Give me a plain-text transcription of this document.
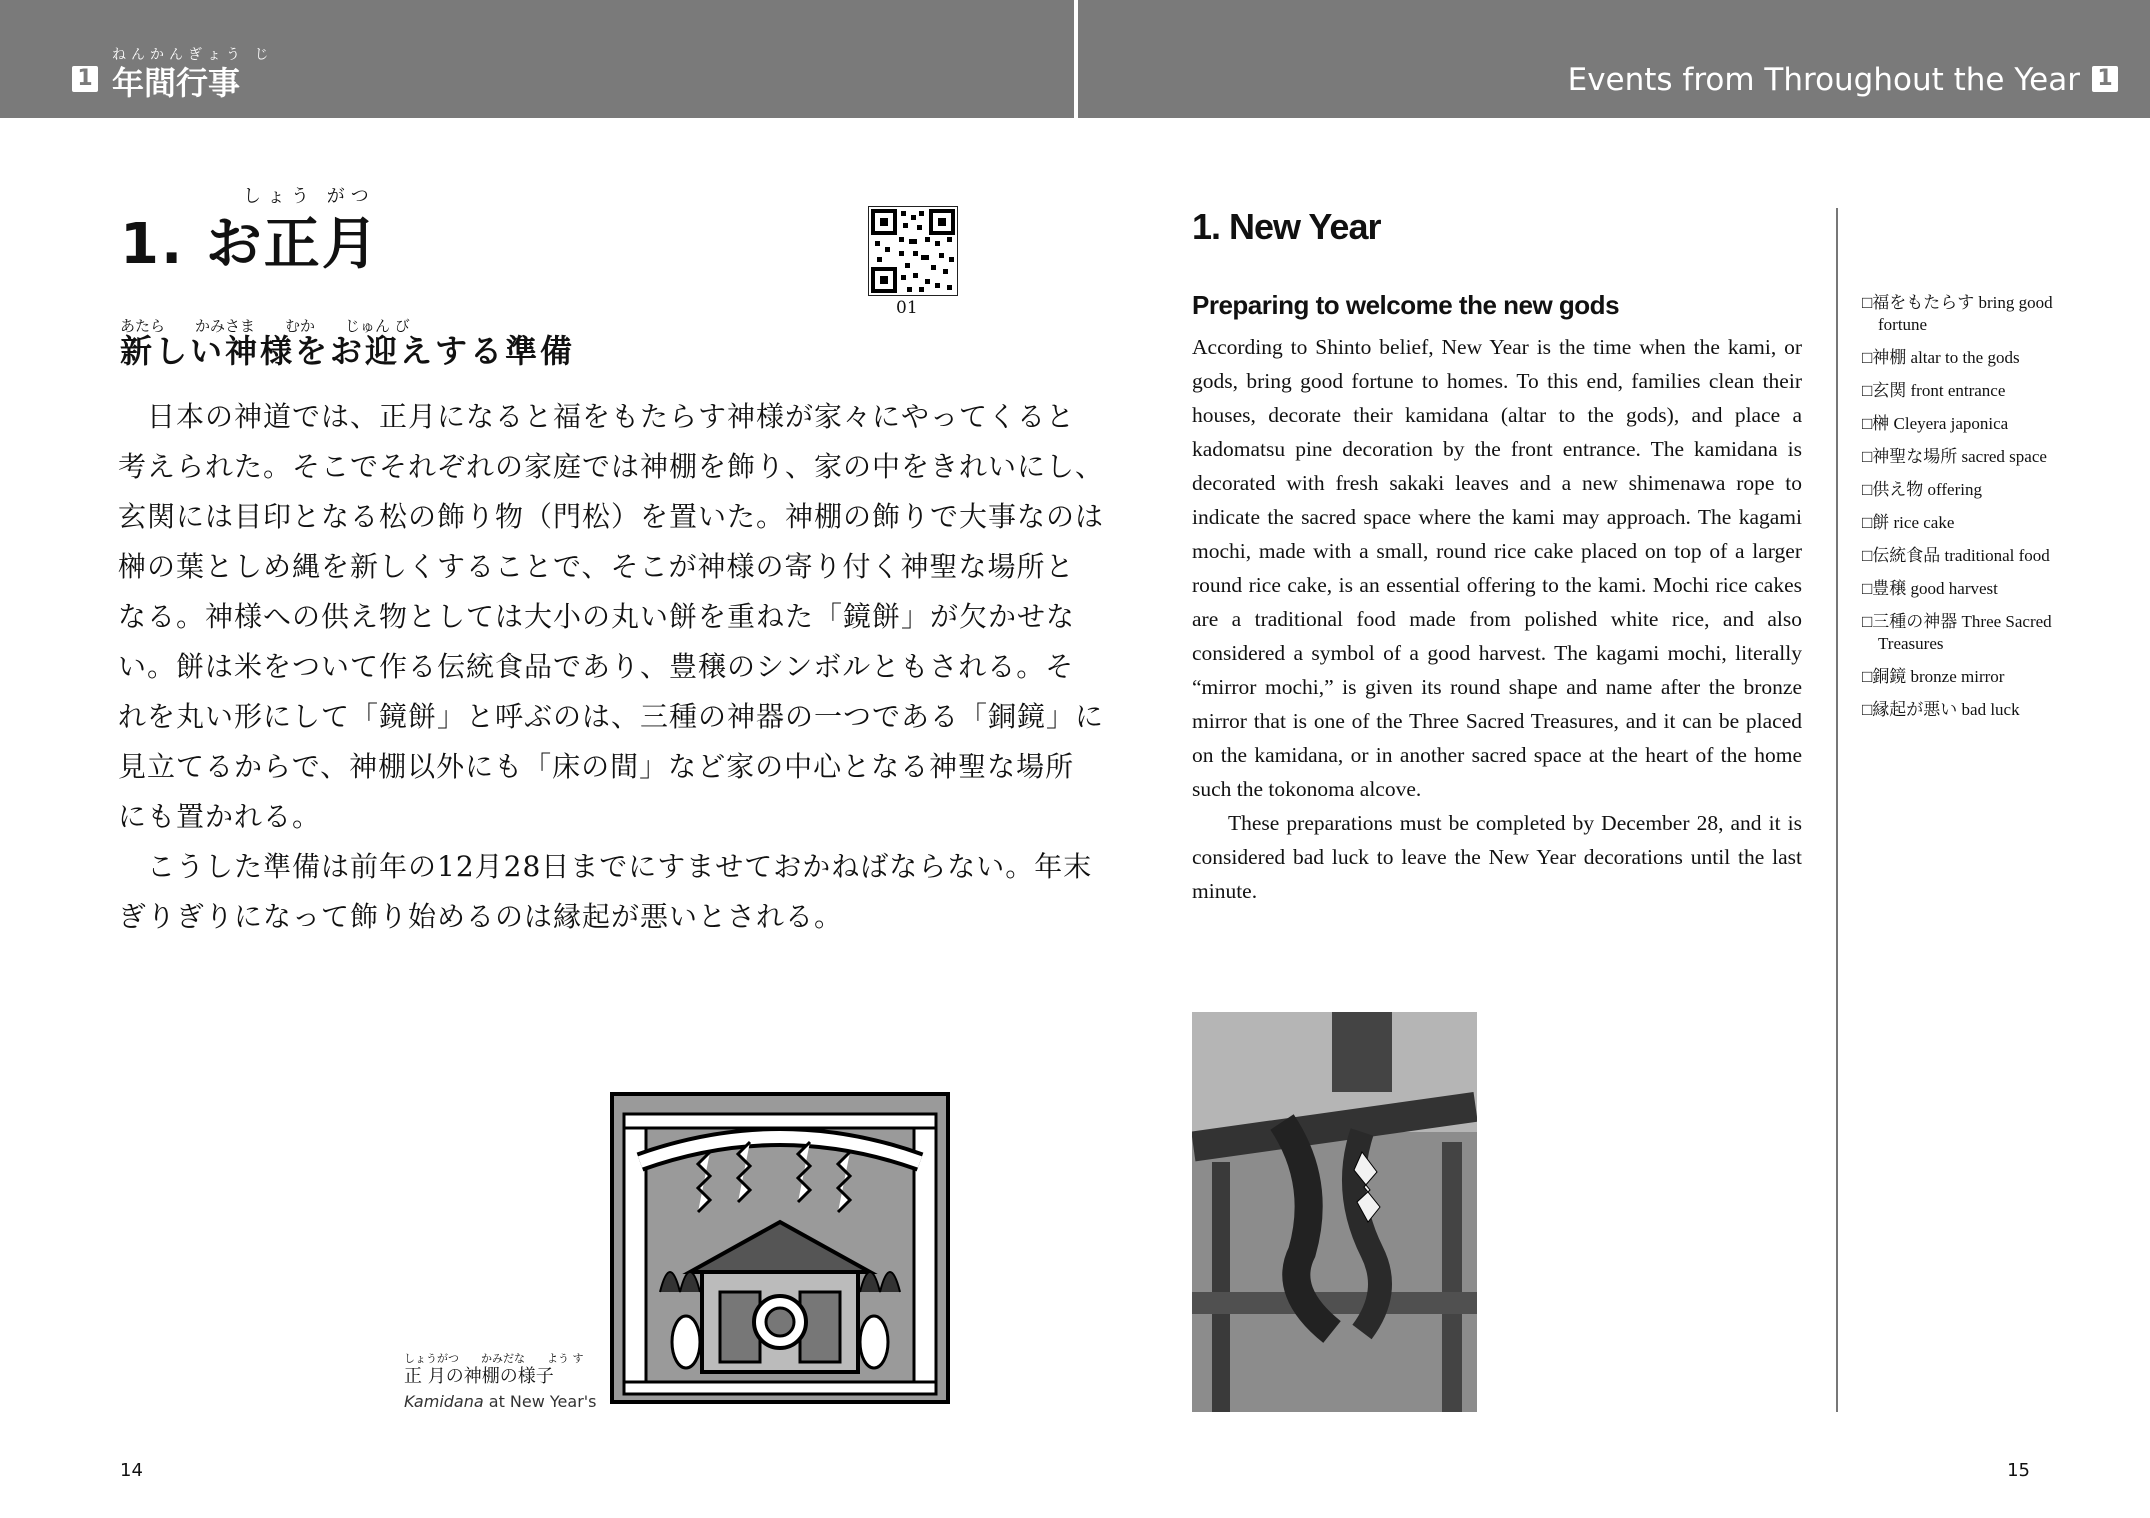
1
ねんかんぎょう じ
年間行事	Events from Throughout the Year 1
しょう がつ
1. お正月
01
あたら　　かみさま　　むか　　じゅん び
新しい神様をお迎えする準備
　日本の神道では、正月になると福をもたらす神様が家々にやってくると
考えられた。そこでそれぞれの家庭では神棚を飾り、家の中をきれいにし、
玄関には目印となる松の飾り物（門松）を置いた。神棚の飾りで大事なのは
榊の葉としめ縄を新しくすることで、そこが神様の寄り付く神聖な場所と
なる。神様への供え物としては大小の丸い餅を重ねた「鏡餅」が欠かせな
い。餅は米をついて作る伝統食品であり、豊穣のシンボルともされる。そ
れを丸い形にして「鏡餅」と呼ぶのは、三種の神器の一つである「銅鏡」に
見立てるからで、神棚以外にも「床の間」など家の中心となる神聖な場所
にも置かれる。
　こうした準備は前年の12月28日までにすませておかねばならない。年末
ぎりぎりになって飾り始めるのは縁起が悪いとされる。
しょうがつ　　かみだな　　よう す
正 月の神棚の様子
Kamidana at New Year's
14
1. New Year
Preparing to welcome the new gods

According to Shinto belief, New Year is the time when the kami, or gods, bring good fortune to homes. To this end, families clean their houses, decorate their kamidana (altar to the gods), and place a kadomatsu pine decoration by the front entrance. The kamidana is decorated with fresh sakaki leaves and a new shimenawa rope to indicate the sacred space where the kami may approach. The kagami mochi, made with a small, round rice cake placed on top of a larger round rice cake, is an essential offering to the kami. Mochi rice cakes are a traditional food made from polished white rice, and also considered a symbol of a good harvest. The kagami mochi, literally “mirror mochi,” is given its round shape and name after the bronze mirror that is one of the Three Sacred Treasures, and it can be placed on the kamidana, or in another sacred space at the heart of the home such the tokonoma alcove.

These preparations must be completed by December 28, and it is considered bad luck to leave the New Year decorations until the last minute.

□福をもたらす bring good fortune
□神棚 altar to the gods
□玄関 front entrance
□榊 Cleyera japonica
□神聖な場所 sacred space
□供え物 offering
□餅 rice cake
□伝統食品 traditional food
□豊穣 good harvest
□三種の神器 Three Sacred Treasures
□銅鏡 bronze mirror
□縁起が悪い bad luck
15
